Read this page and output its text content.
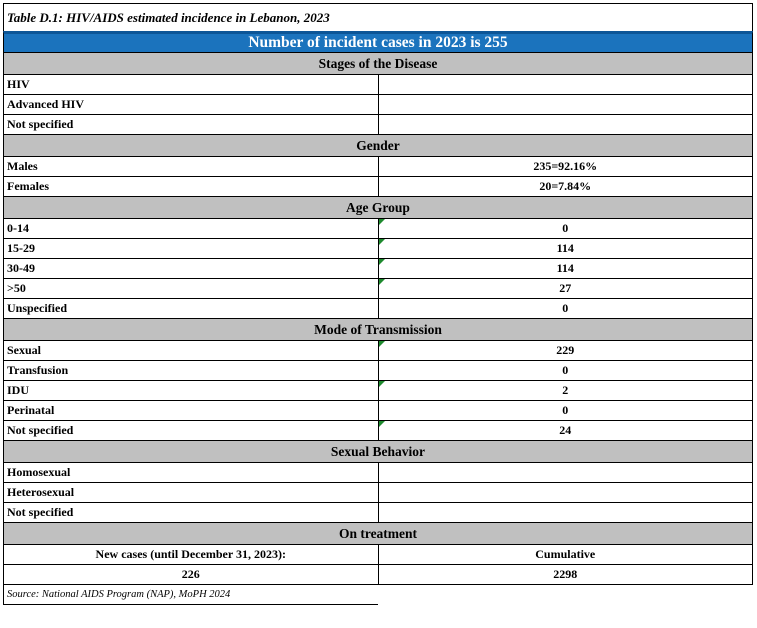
Table D.1: HIV/AIDS estimated incidence in Lebanon, 2023
Number of incident cases in 2023 is 255
Stages of the Disease	
HIV	
Advanced HIV	
Not specified	
Gender	
Males	235=92.16%
Females	20=7.84%
Age Group	
0-14	0
15-29	114
30-49	114
>50	27
Unspecified	0
Mode of Transmission	
Sexual	229
Transfusion	0
IDU	2
Perinatal	0
Not specified	24
Sexual Behavior	
Homosexual	
Heterosexual	
Not specified	
On treatment	
New cases (until December 31, 2023):	Cumulative
226	2298
Source: National AIDS Program (NAP), MoPH 2024	
